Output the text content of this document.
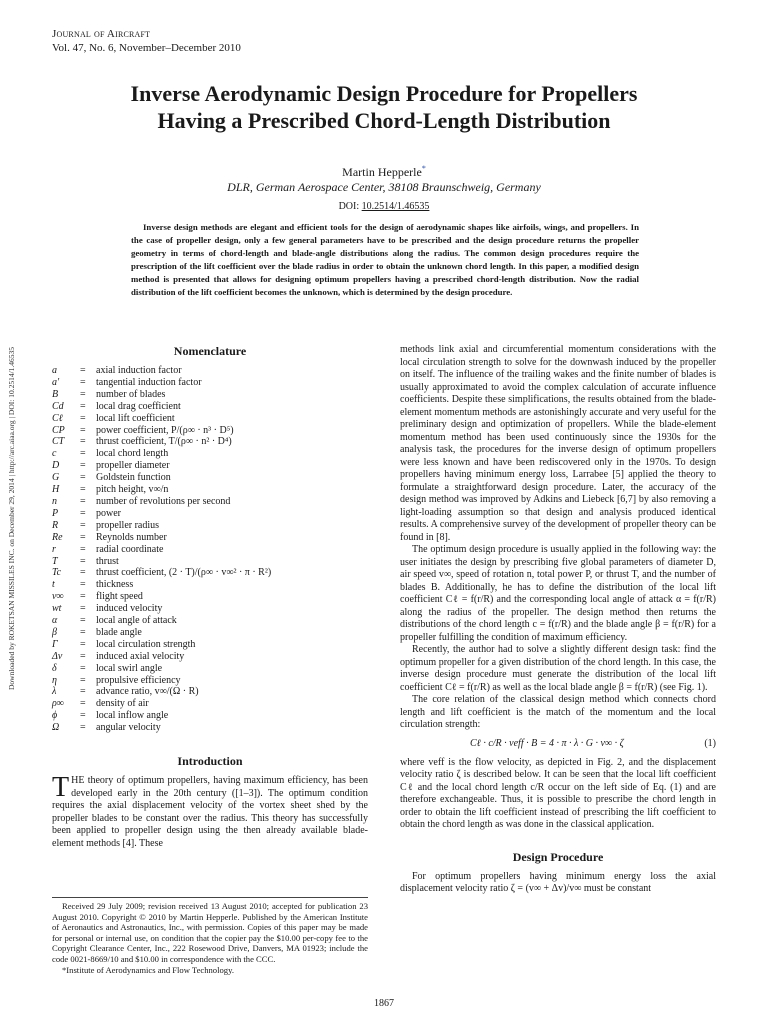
Journal of Aircraft
Vol. 47, No. 6, November–December 2010
Inverse Aerodynamic Design Procedure for Propellers
Having a Prescribed Chord-Length Distribution
Martin Hepperle*
DLR, German Aerospace Center, 38108 Braunschweig, Germany
DOI: 10.2514/1.46535
Inverse design methods are elegant and efficient tools for the design of aerodynamic shapes like airfoils, wings, and propellers. In the case of propeller design, only a few general parameters have to be prescribed and the design procedure returns the propeller geometry in terms of chord-length and blade-angle distributions along the radius. The common design procedures require the prescription of the lift coefficient over the blade radius in order to obtain the unknown chord length. In this paper, a modified design method is presented that allows for designing optimum propellers having a prescribed chord-length distribution. Now the radial distribution of the lift coefficient becomes the unknown, which is determined by the design procedure.
Downloaded by ROKETSAN MISSILES INC. on December 29, 2014 | http://arc.aiaa.org | DOI: 10.2514/1.46535	Nomenclature
a	=	axial induction factor
a'	=	tangential induction factor
B	=	number of blades
Cd	=	local drag coefficient
Cℓ	=	local lift coefficient
CP	=	power coefficient, P/(ρ∞ · n³ · D⁵)
CT	=	thrust coefficient, T/(ρ∞ · n² · D⁴)
c	=	local chord length
D	=	propeller diameter
G	=	Goldstein function
H	=	pitch height, v∞/n
n	=	number of revolutions per second
P	=	power
R	=	propeller radius
Re	=	Reynolds number
r	=	radial coordinate
T	=	thrust
Tc	=	thrust coefficient, (2 · T)/(ρ∞ · v∞² · π · R²)
t	=	thickness
v∞	=	flight speed
wt	=	induced velocity
α	=	local angle of attack
β	=	blade angle
Γ	=	local circulation strength
Δv	=	induced axial velocity
δ	=	local swirl angle
η	=	propulsive efficiency
λ	=	advance ratio, v∞/(Ω · R)
ρ∞	=	density of air
ϕ	=	local inflow angle
Ω	=	angular velocity
Introduction

THE theory of optimum propellers, having maximum efficiency, has been developed early in the 20th century ([1–3]). The optimum condition requires the axial displacement velocity of the vortex sheet shed by the propeller blades to be constant over the radius. This theory has successfully been applied to propeller design using the then already available blade-element methods [4]. These

Received 29 July 2009; revision received 13 August 2010; accepted for publication 23 August 2010. Copyright © 2010 by Martin Hepperle. Published by the American Institute of Aeronautics and Astronautics, Inc., with permission. Copies of this paper may be made for personal or internal use, on condition that the copier pay the $10.00 per-copy fee to the Copyright Clearance Center, Inc., 222 Rosewood Drive, Danvers, MA 01923; include the code 0021-8669/10 and $10.00 in correspondence with the CCC.

*Institute of Aerodynamics and Flow Technology.

methods link axial and circumferential momentum considerations with the local circulation strength to solve for the downwash induced by the propeller on itself. The influence of the trailing wakes and the finite number of blades is usually approximated to avoid the complex calculation of accurate influence coefficients. Despite these simplifications, the results obtained from the blade-element momentum methods are astonishingly accurate and very useful for the preliminary design and optimization of propellers. While the blade-element momentum method has been used continuously since the 1930s for the analysis task, the procedures for the inverse design of optimum propellers were less known and have been rediscovered only in the 1970s. To design propellers having minimum energy loss, Larrabee [5] applied the theory to formulate a straightforward design procedure. Later, the accuracy of the design method was improved by Adkins and Liebeck [6,7] by also removing a light-loading assumption so that design and analysis produced identical results. A comprehensive survey of the development of propeller theory can be found in [8].

The optimum design procedure is usually applied in the following way: the user initiates the design by prescribing five global parameters of diameter D, air speed v∞, speed of rotation n, total power P, or thrust T, and the number of blades B. Additionally, he has to define the distribution of the local lift coefficient Cℓ = f(r/R) and the corresponding local angle of attack α = f(r/R) along the radius of the propeller. The design method then returns the distributions of the chord length c = f(r/R) and the blade angle β = f(r/R) for a propeller fulfilling the condition of maximum efficiency.

Recently, the author had to solve a slightly different design task: find the optimum propeller for a given distribution of the chord length. In this case, the inverse design procedure must generate the distribution of the local lift coefficient Cℓ = f(r/R) as well as the local blade angle β = f(r/R) (see Fig. 1).

The core relation of the classical design method which connects chord length and lift coefficient is the match of the momentum and the local circulation strength:

Cℓ · c/R · veff · B = 4 · π · λ · G · v∞ · ζ	(1)

where veff is the flow velocity, as depicted in Fig. 2, and the displacement velocity ratio ζ is described below. It can be seen that the local lift coefficient Cℓ and the local chord length c/R occur on the left side of Eq. (1) and are therefore exchangeable. Thus, it is possible to prescribe the chord length in order to obtain the lift coefficient instead of prescribing the lift coefficient to obtain the chord length as was done in the classical application.

Design Procedure

For optimum propellers having minimum energy loss the axial displacement velocity ratio ζ = (v∞ + Δv)/v∞ must be constant

1867
